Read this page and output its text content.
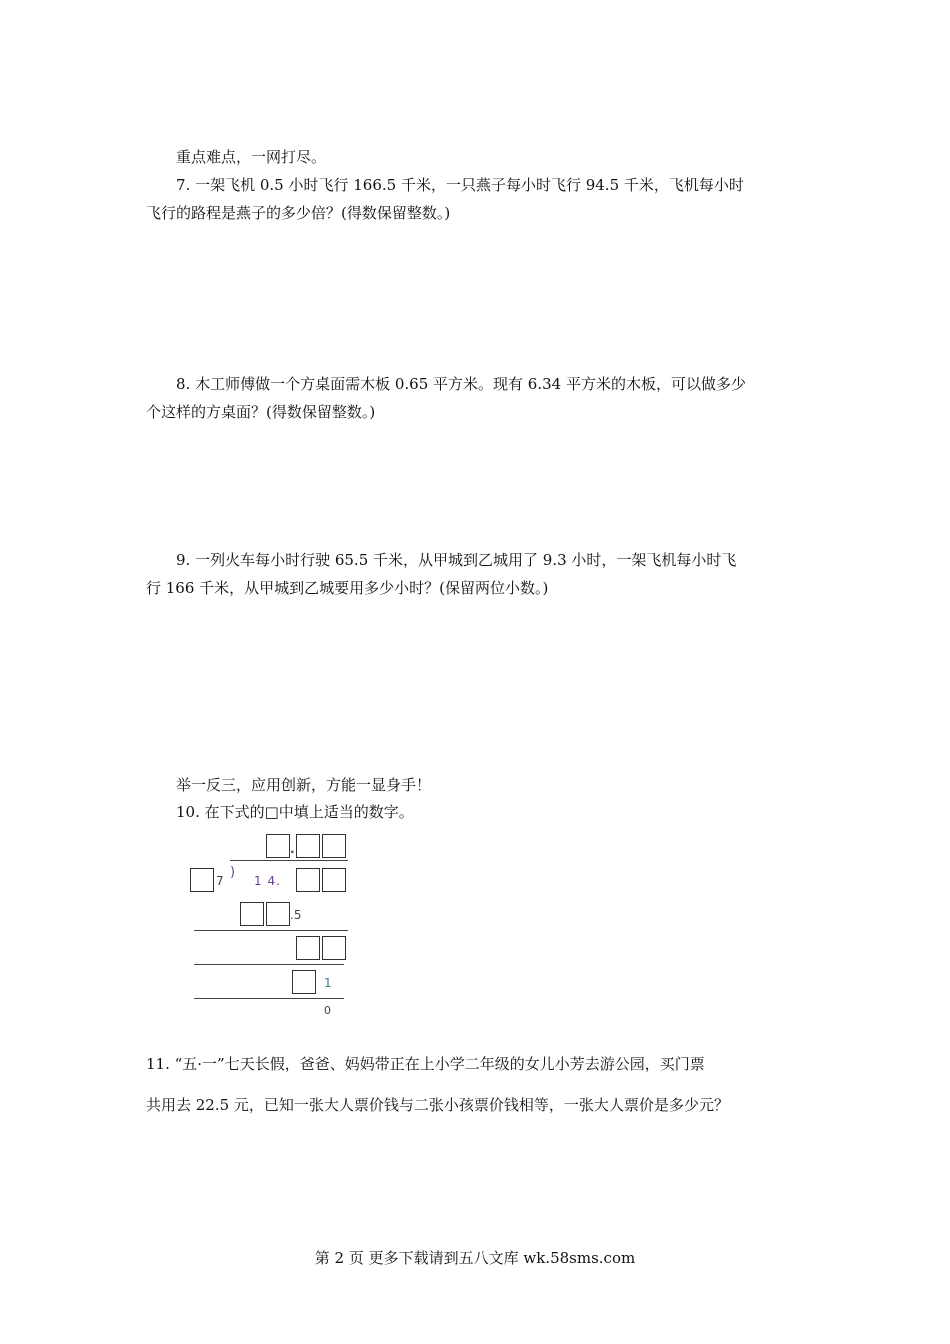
重点难点，一网打尽。
7. 一架飞机 0.5 小时飞行 166.5 千米，一只燕子每小时飞行 94.5 千米，飞机每小时
飞行的路程是燕子的多少倍？(得数保留整数。)
8. 木工师傅做一个方桌面需木板 0.65 平方米。现有 6.34 平方米的木板，可以做多少
个这样的方桌面？(得数保留整数。)
9. 一列火车每小时行驶 65.5 千米，从甲城到乙城用了 9.3 小时，一架飞机每小时飞
行 166 千米，从甲城到乙城要用多少小时？(保留两位小数。)
举一反三，应用创新，方能一显身手！
10. 在下式的□中填上适当的数字。
.
7
)
1 4.
.5
1
0
11. “五·一”七天长假，爸爸、妈妈带正在上小学二年级的女儿小芳去游公园，买门票
共用去 22.5 元，已知一张大人票价钱与二张小孩票价钱相等，一张大人票价是多少元？
第 2 页 更多下载请到五八文库 wk.58sms.com
